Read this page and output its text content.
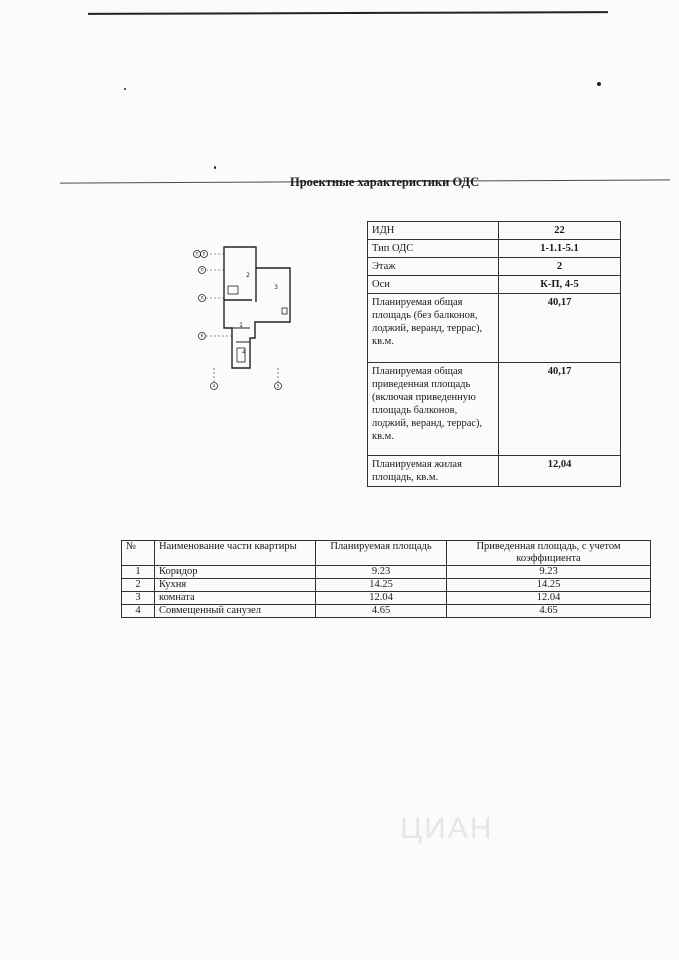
Проектные характеристики ОДС
П Р
П
Л
К
4	5
2
1
3
4
ИДН	22
Тип ОДС	1-1.1-5.1
Этаж	2
Оси	К-П, 4-5
Планируемая общая площадь (без балконов, лоджий, веранд, террас), кв.м.	40,17
Планируемая общая приведенная площадь (включая приведенную площадь балконов, лоджий, веранд, террас), кв.м.	40,17
Планируемая жилая площадь, кв.м.	12,04
№	Наименование части квартиры	Планируемая площадь	Приведенная площадь, с учетом коэффициента
1	Коридор	9.23	9.23
2	Кухня	14.25	14.25
3	комната	12.04	12.04
4	Совмещенный санузел	4.65	4.65
ЦИАН
